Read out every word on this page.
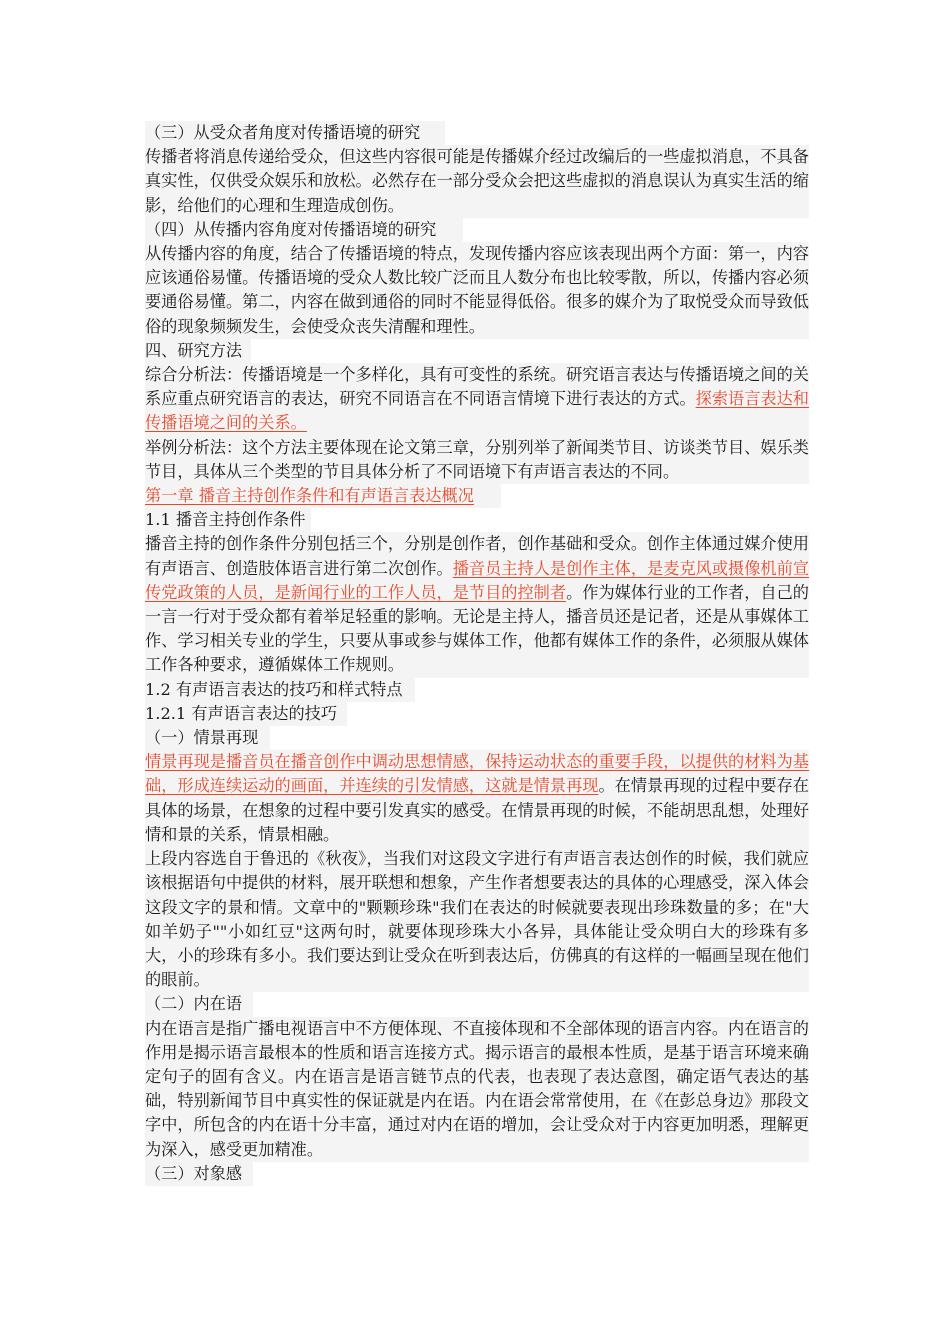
（三）从受众者角度对传播语境的研究

传播者将消息传递给受众，但这些内容很可能是传播媒介经过改编后的一些虚拟消息，不具备真实性，仅供受众娱乐和放松。必然存在一部分受众会把这些虚拟的消息误认为真实生活的缩影，给他们的心理和生理造成创伤。

（四）从传播内容角度对传播语境的研究

从传播内容的角度，结合了传播语境的特点，发现传播内容应该表现出两个方面：第一，内容应该通俗易懂。传播语境的受众人数比较广泛而且人数分布也比较零散，所以，传播内容必须要通俗易懂。第二，内容在做到通俗的同时不能显得低俗。很多的媒介为了取悦受众而导致低俗的现象频频发生，会使受众丧失清醒和理性。

四、研究方法

综合分析法：传播语境是一个多样化，具有可变性的系统。研究语言表达与传播语境之间的关系应重点研究语言的表达，研究不同语言在不同语言情境下进行表达的方式。探索语言表达和传播语境之间的关系。

举例分析法：这个方法主要体现在论文第三章，分别列举了新闻类节目、访谈类节目、娱乐类节目，具体从三个类型的节目具体分析了不同语境下有声语言表达的不同。

第一章 播音主持创作条件和有声语言表达概况
1.1 播音主持创作条件

播音主持的创作条件分别包括三个，分别是创作者，创作基础和受众。创作主体通过媒介使用有声语言、创造肢体语言进行第二次创作。播音员主持人是创作主体，是麦克风或摄像机前宣传党政策的人员，是新闻行业的工作人员，是节目的控制者。作为媒体行业的工作者，自己的一言一行对于受众都有着举足轻重的影响。无论是主持人，播音员还是记者，还是从事媒体工作、学习相关专业的学生，只要从事或参与媒体工作，他都有媒体工作的条件，必须服从媒体工作各种要求，遵循媒体工作规则。

1.2 有声语言表达的技巧和样式特点
1.2.1 有声语言表达的技巧
（一）情景再现

情景再现是播音员在播音创作中调动思想情感，保持运动状态的重要手段，以提供的材料为基础，形成连续运动的画面，并连续的引发情感，这就是情景再现。在情景再现的过程中要存在具体的场景，在想象的过程中要引发真实的感受。在情景再现的时候，不能胡思乱想，处理好情和景的关系，情景相融。

上段内容选自于鲁迅的《秋夜》，当我们对这段文字进行有声语言表达创作的时候，我们就应该根据语句中提供的材料，展开联想和想象，产生作者想要表达的具体的心理感受，深入体会这段文字的景和情。文章中的"颗颗珍珠"我们在表达的时候就要表现出珍珠数量的多；在"大如羊奶子""小如红豆"这两句时，就要体现珍珠大小各异，具体能让受众明白大的珍珠有多大，小的珍珠有多小。我们要达到让受众在听到表达后，仿佛真的有这样的一幅画呈现在他们的眼前。

（二）内在语

内在语言是指广播电视语言中不方便体现、不直接体现和不全部体现的语言内容。内在语言的作用是揭示语言最根本的性质和语言连接方式。揭示语言的最根本性质，是基于语言环境来确定句子的固有含义。内在语言是语言链节点的代表，也表现了表达意图，确定语气表达的基础，特别新闻节目中真实性的保证就是内在语。内在语会常常使用，在《在彭总身边》那段文字中，所包含的内在语十分丰富，通过对内在语的增加，会让受众对于内容更加明悉，理解更为深入，感受更加精准。

（三）对象感
